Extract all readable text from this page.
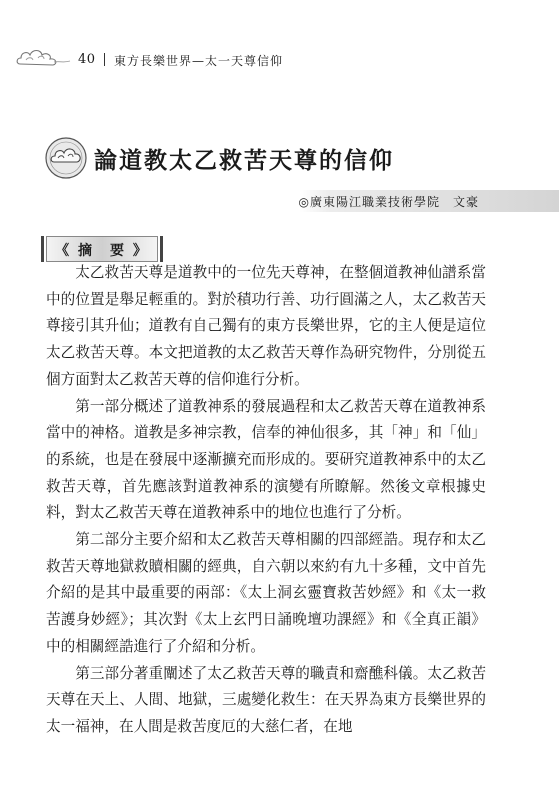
40 東方長樂世界—太一天尊信仰
論道教太乙救苦天尊的信仰
◎廣東陽江職業技術學院　文豪
《 摘　要 》

太乙救苦天尊是道教中的一位先天尊神，在整個道教神仙譜系當中的位置是舉足輕重的。對於積功行善、功行圓滿之人，太乙救苦天尊接引其升仙；道教有自己獨有的東方長樂世界，它的主人便是這位太乙救苦天尊。本文把道教的太乙救苦天尊作為研究物件，分別從五個方面對太乙救苦天尊的信仰進行分析。

第一部分概述了道教神系的發展過程和太乙救苦天尊在道教神系當中的神格。道教是多神宗教，信奉的神仙很多，其「神」和「仙」的系統，也是在發展中逐漸擴充而形成的。要研究道教神系中的太乙救苦天尊，首先應該對道教神系的演變有所瞭解。然後文章根據史料，對太乙救苦天尊在道教神系中的地位也進行了分析。

第二部分主要介紹和太乙救苦天尊相關的四部經誥。現存和太乙救苦天尊地獄救贖相關的經典，自六朝以來約有九十多種，文中首先介紹的是其中最重要的兩部：《太上洞玄靈寶救苦妙經》和《太一救苦護身妙經》；其次對《太上玄門日誦晚壇功課經》和《全真正韻》中的相關經誥進行了介紹和分析。

第三部分著重闡述了太乙救苦天尊的職責和齋醮科儀。太乙救苦天尊在天上、人間、地獄，三處變化救生：在天界為東方長樂世界的太一福神，在人間是救苦度厄的大慈仁者，在地
